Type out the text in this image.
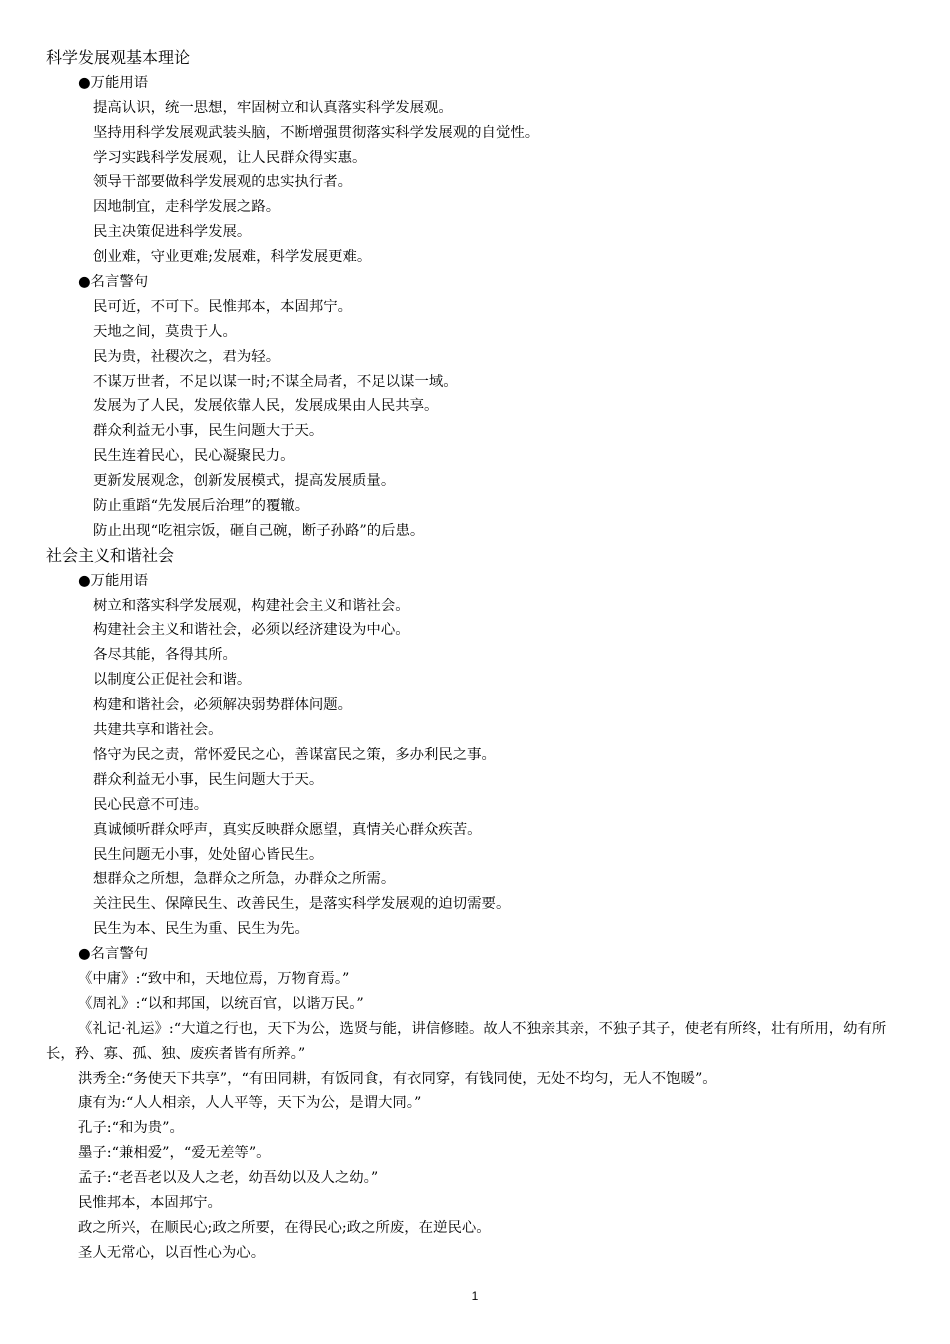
科学发展观基本理论
●万能用语
提高认识，统一思想，牢固树立和认真落实科学发展观。
坚持用科学发展观武装头脑，不断增强贯彻落实科学发展观的自觉性。
学习实践科学发展观，让人民群众得实惠。
领导干部要做科学发展观的忠实执行者。
因地制宜，走科学发展之路。
民主决策促进科学发展。
创业难，守业更难;发展难，科学发展更难。
●名言警句
民可近，不可下。民惟邦本，本固邦宁。
天地之间，莫贵于人。
民为贵，社稷次之，君为轻。
不谋万世者，不足以谋一时;不谋全局者，不足以谋一域。
发展为了人民，发展依靠人民，发展成果由人民共享。
群众利益无小事，民生问题大于天。
民生连着民心，民心凝聚民力。
更新发展观念，创新发展模式，提高发展质量。
防止重蹈“先发展后治理”的覆辙。
防止出现“吃祖宗饭，砸自己碗，断子孙路”的后患。
社会主义和谐社会
●万能用语
树立和落实科学发展观，构建社会主义和谐社会。
构建社会主义和谐社会，必须以经济建设为中心。
各尽其能，各得其所。
以制度公正促社会和谐。
构建和谐社会，必须解决弱势群体问题。
共建共享和谐社会。
恪守为民之责，常怀爱民之心，善谋富民之策，多办利民之事。
群众利益无小事，民生问题大于天。
民心民意不可违。
真诚倾听群众呼声，真实反映群众愿望，真情关心群众疾苦。
民生问题无小事，处处留心皆民生。
想群众之所想，急群众之所急，办群众之所需。
关注民生、保障民生、改善民生，是落实科学发展观的迫切需要。
民生为本、民生为重、民生为先。
●名言警句
《中庸》:“致中和，天地位焉，万物育焉。”
《周礼》:“以和邦国，以统百官，以谐万民。”
《礼记·礼运》:“大道之行也，天下为公，选贤与能，讲信修睦。故人不独亲其亲，不独子其子，使老有所终，壮有所用，幼有所长，矜、寡、孤、独、废疾者皆有所养。”
洪秀全:“务使天下共享”，“有田同耕，有饭同食，有衣同穿，有钱同使，无处不均匀，无人不饱暖”。
康有为:“人人相亲，人人平等，天下为公，是谓大同。”
孔子:“和为贵”。
墨子:“兼相爱”，“爱无差等”。
孟子:“老吾老以及人之老，幼吾幼以及人之幼。”
民惟邦本，本固邦宁。
政之所兴，在顺民心;政之所要，在得民心;政之所废，在逆民心。
圣人无常心，以百性心为心。
1
